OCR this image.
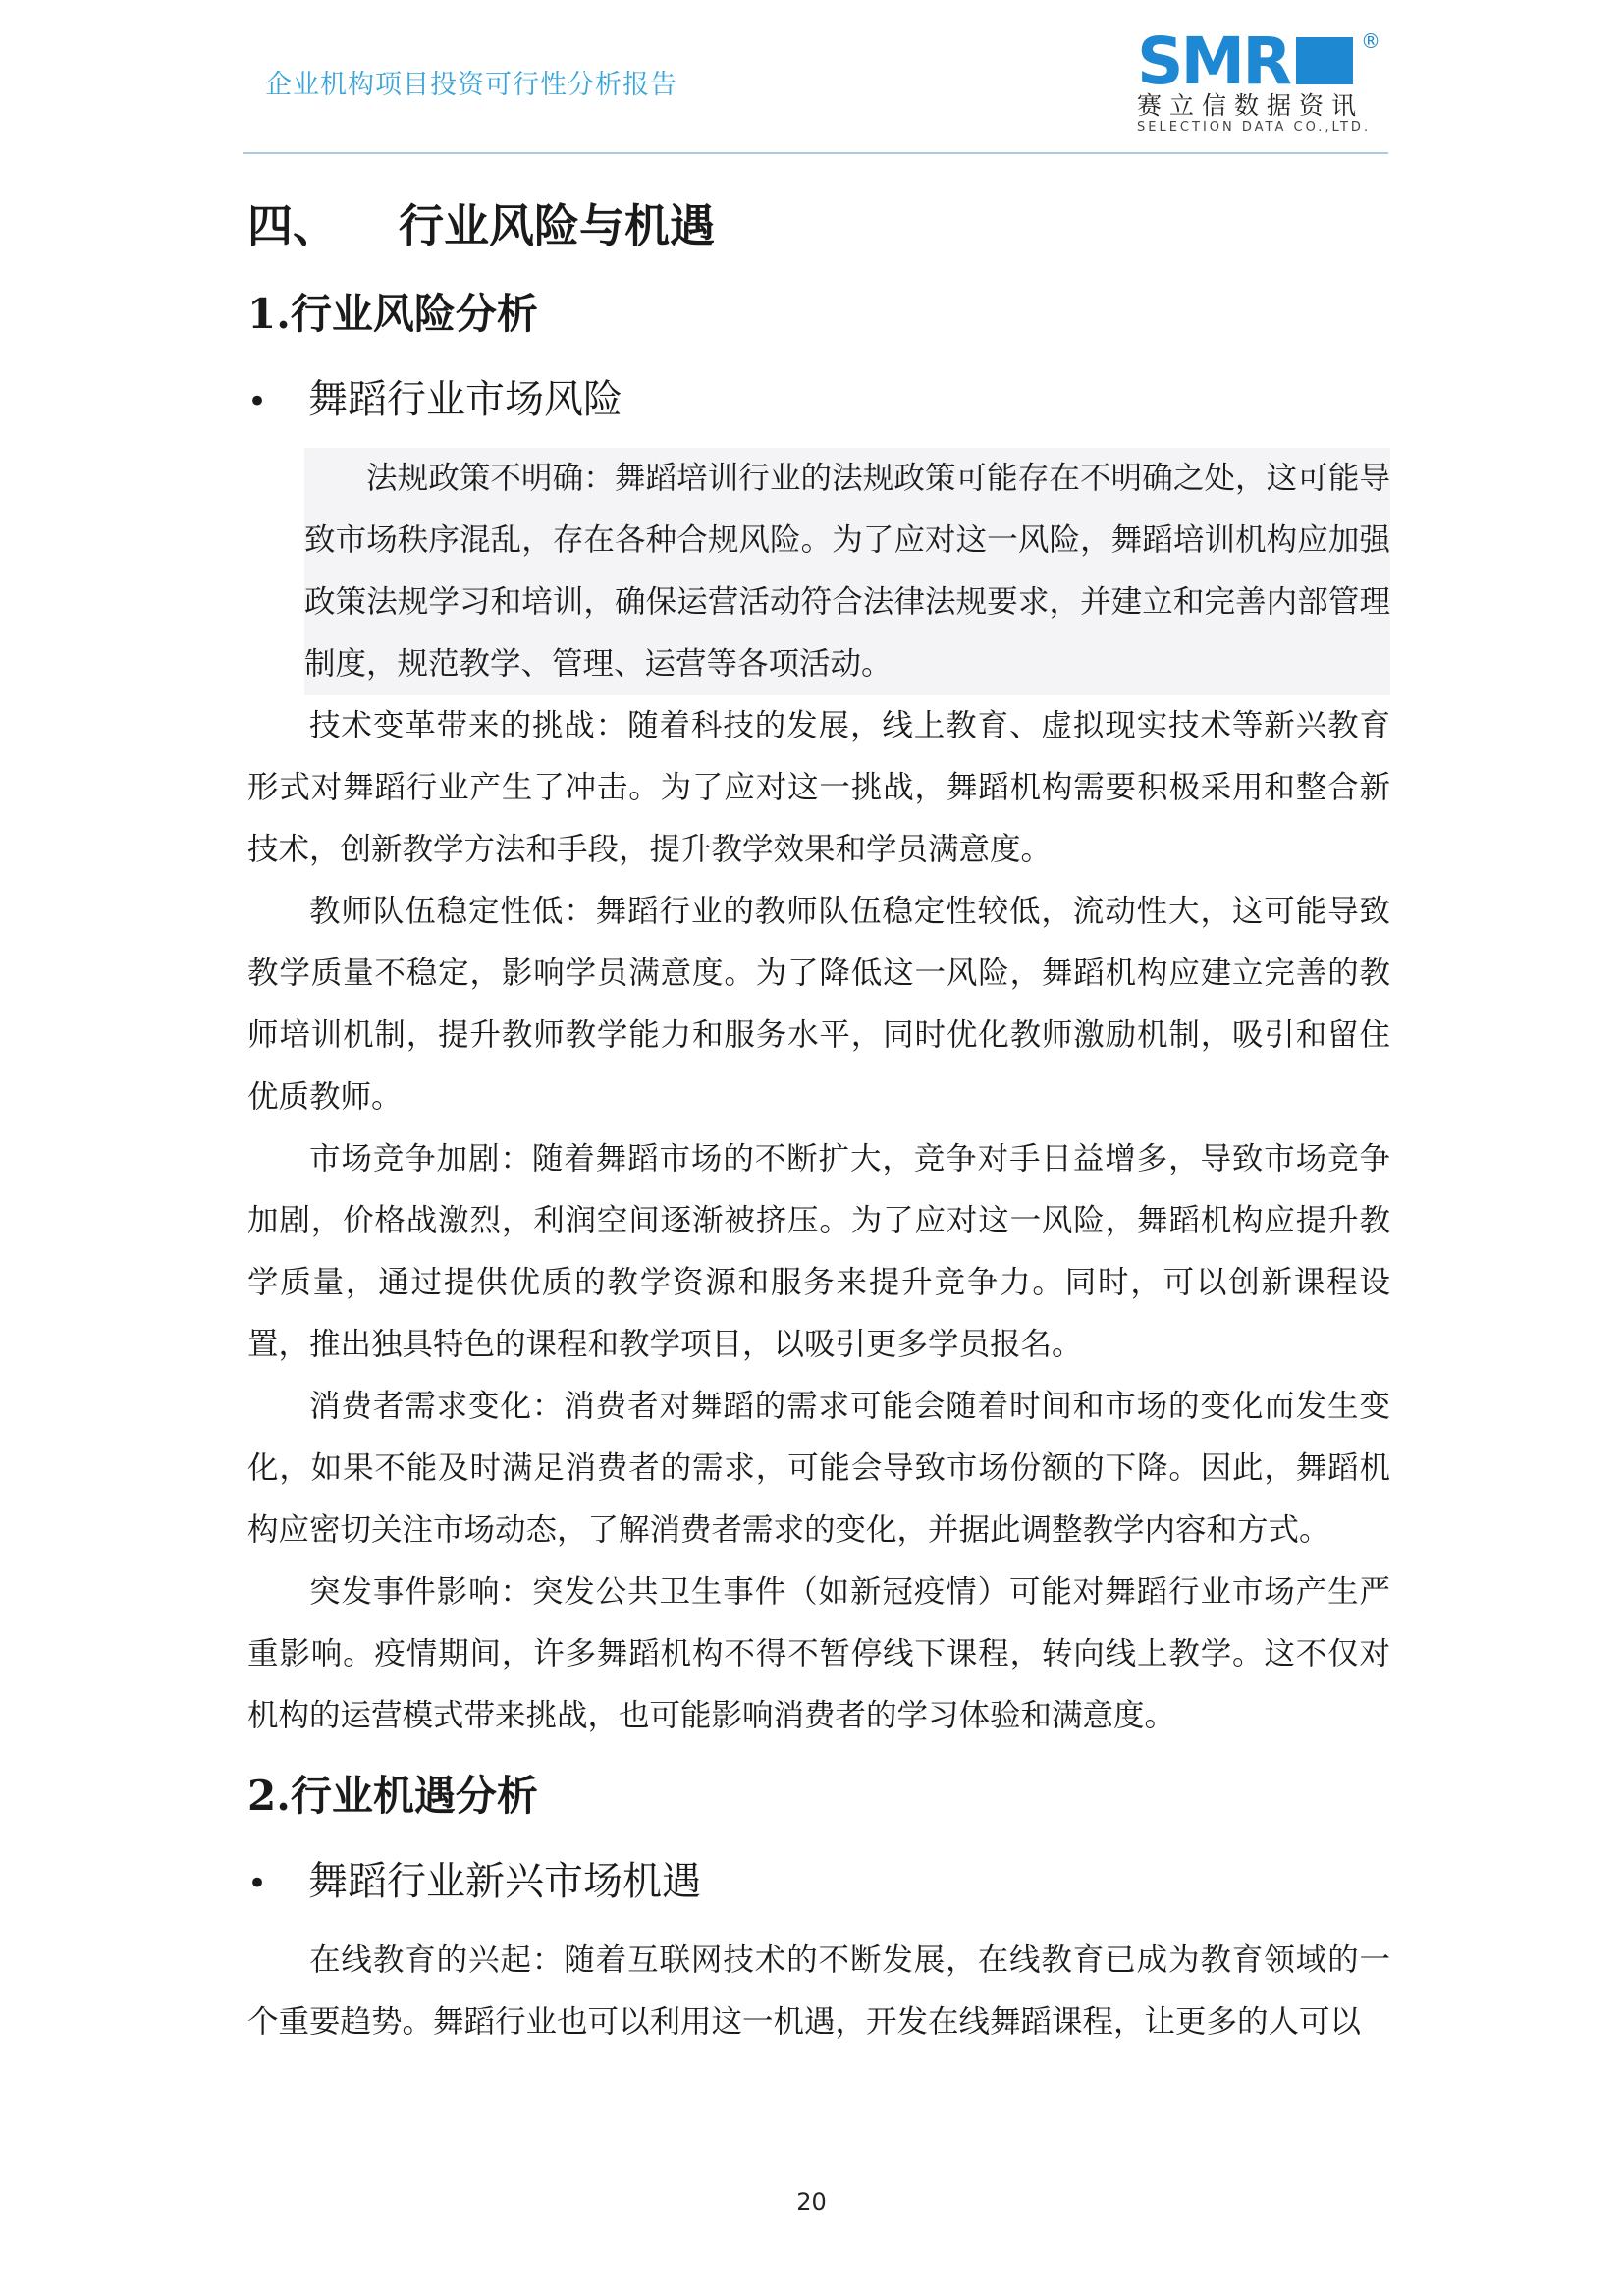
企业机构项目投资可行性分析报告	SMR	®
赛立信数据资讯
SELECTION DATA CO.,LTD.
四、 行业风险与机遇
1.行业风险分析
• 舞蹈行业市场风险

法规政策不明确：舞蹈培训行业的法规政策可能存在不明确之处，这可能导致市场秩序混乱，存在各种合规风险。为了应对这一风险，舞蹈培训机构应加强政策法规学习和培训，确保运营活动符合法律法规要求，并建立和完善内部管理制度，规范教学、管理、运营等各项活动。

技术变革带来的挑战：随着科技的发展，线上教育、虚拟现实技术等新兴教育形式对舞蹈行业产生了冲击。为了应对这一挑战，舞蹈机构需要积极采用和整合新技术，创新教学方法和手段，提升教学效果和学员满意度。

教师队伍稳定性低：舞蹈行业的教师队伍稳定性较低，流动性大，这可能导致教学质量不稳定，影响学员满意度。为了降低这一风险，舞蹈机构应建立完善的教师培训机制，提升教师教学能力和服务水平，同时优化教师激励机制，吸引和留住优质教师。

市场竞争加剧：随着舞蹈市场的不断扩大，竞争对手日益增多，导致市场竞争加剧，价格战激烈，利润空间逐渐被挤压。为了应对这一风险，舞蹈机构应提升教学质量，通过提供优质的教学资源和服务来提升竞争力。同时，可以创新课程设置，推出独具特色的课程和教学项目，以吸引更多学员报名。

消费者需求变化：消费者对舞蹈的需求可能会随着时间和市场的变化而发生变化，如果不能及时满足消费者的需求，可能会导致市场份额的下降。因此，舞蹈机构应密切关注市场动态，了解消费者需求的变化，并据此调整教学内容和方式。

突发事件影响：突发公共卫生事件（如新冠疫情）可能对舞蹈行业市场产生严重影响。疫情期间，许多舞蹈机构不得不暂停线下课程，转向线上教学。这不仅对机构的运营模式带来挑战，也可能影响消费者的学习体验和满意度。

2.行业机遇分析
• 舞蹈行业新兴市场机遇

在线教育的兴起：随着互联网技术的不断发展，在线教育已成为教育领域的一个重要趋势。舞蹈行业也可以利用这一机遇，开发在线舞蹈课程，让更多的人可以

20
